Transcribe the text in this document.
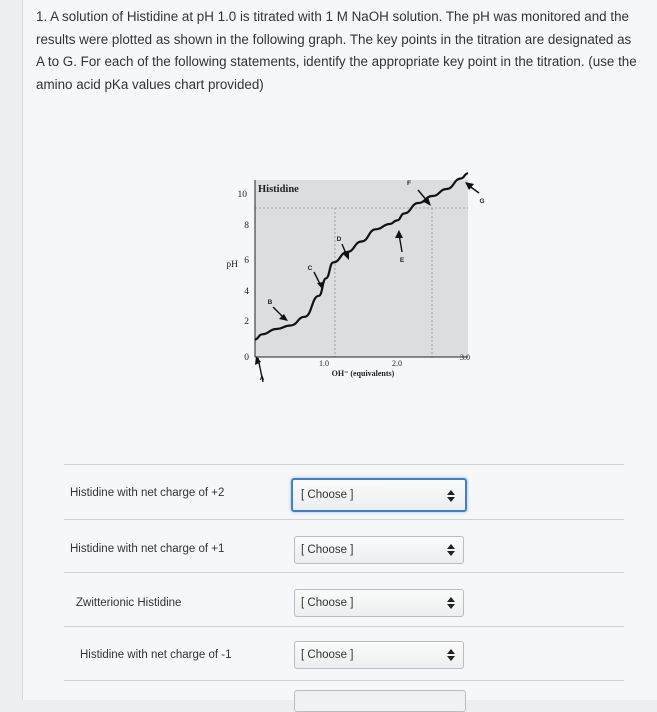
1. A solution of Histidine at pH 1.0 is titrated with 1 M NaOH solution. The pH was monitored and the results were plotted as shown in the following graph. The key points in the titration are designated as A to G. For each of the following statements, identify the appropriate key point in the titration. (use the amino acid pKa values chart provided)
Histidine
10
8
6
4
2
0
pH
1.0	2.0
3.0
OH⁻ (equivalents)
A
B
C
D
E
F
G
Histidine with net charge of +2	[ Choose ]
Histidine with net charge of +1	[ Choose ]
Zwitterionic Histidine	[ Choose ]
Histidine with net charge of -1	[ Choose ]
